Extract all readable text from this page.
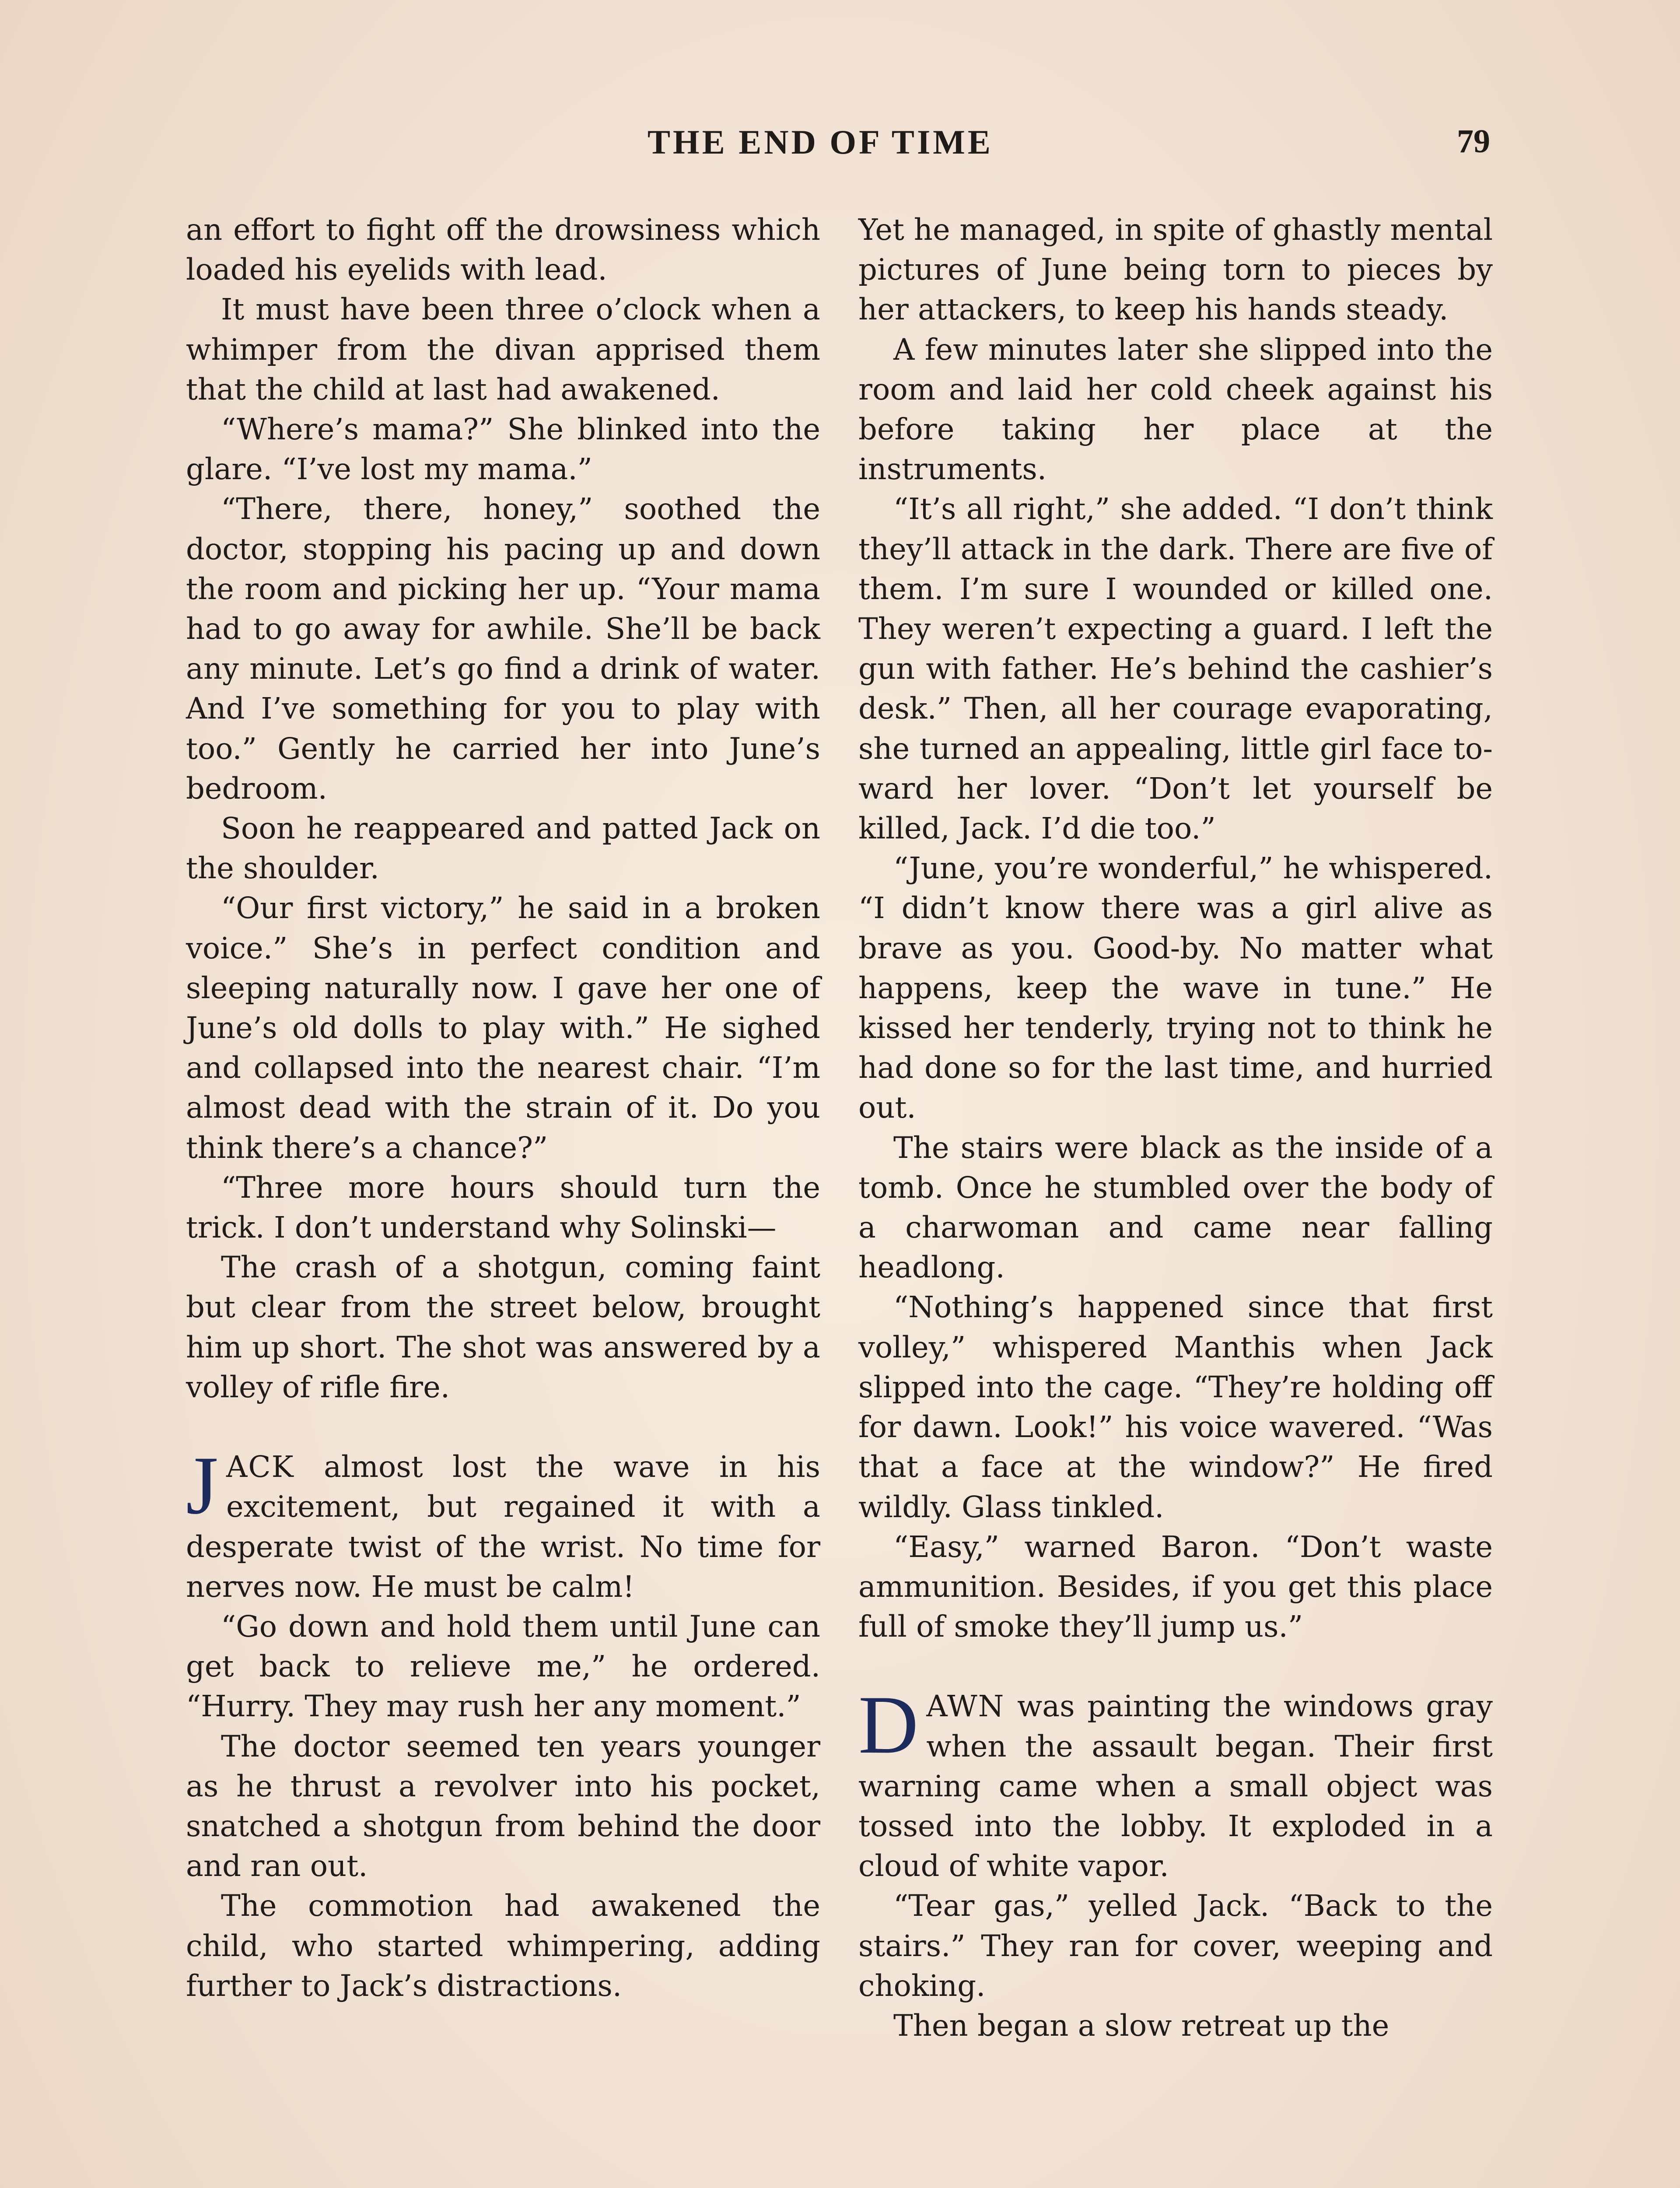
THE END OF TIME	79

an effort to fight off the drowsiness which loaded his eyelids with lead.

It must have been three o’clock when a whimper from the divan apprised them that the child at last had awakened.

“Where’s mama?” She blinked into the glare. “I’ve lost my mama.”

“There, there, honey,” soothed the doctor, stopping his pacing up and down the room and picking her up. “Your mama had to go away for awhile. She’ll be back any minute. Let’s go find a drink of water. And I’ve something for you to play with too.” Gently he carried her into June’s bedroom.

Soon he reappeared and patted Jack on the shoulder.

“Our first victory,” he said in a broken voice.” She’s in perfect condition and sleeping naturally now. I gave her one of June’s old dolls to play with.” He sighed and collapsed into the nearest chair. “I’m almost dead with the strain of it. Do you think there’s a chance?”

“Three more hours should turn the trick. I don’t understand why Solinski—

The crash of a shotgun, coming faint but clear from the street below, brought him up short. The shot was answered by a volley of rifle fire.

JACK almost lost the wave in his excitement, but regained it with a desperate twist of the wrist. No time for nerves now. He must be calm!

“Go down and hold them until June can get back to relieve me,” he ordered. “Hurry. They may rush her any moment.”

The doctor seemed ten years younger as he thrust a revolver into his pocket, snatched a shotgun from behind the door and ran out.

The commotion had awakened the child, who started whimpering, adding further to Jack’s distractions.

Yet he managed, in spite of ghastly mental pictures of June being torn to pieces by her attackers, to keep his hands steady.

A few minutes later she slipped into the room and laid her cold cheek against his before taking her place at the instruments.

“It’s all right,” she added. “I don’t think they’ll attack in the dark. There are five of them. I’m sure I wounded or killed one. They weren’t expecting a guard. I left the gun with father. He’s behind the cashier’s desk.” Then, all her courage evaporating, she turned an appealing, little girl face toward her lover. “Don’t let yourself be killed, Jack. I’d die too.”

“June, you’re wonderful,” he whispered. “I didn’t know there was a girl alive as brave as you. Good-by. No matter what happens, keep the wave in tune.” He kissed her tenderly, trying not to think he had done so for the last time, and hurried out.

The stairs were black as the inside of a tomb. Once he stumbled over the body of a charwoman and came near falling headlong.

“Nothing’s happened since that first volley,” whispered Manthis when Jack slipped into the cage. “They’re holding off for dawn. Look!” his voice wavered. “Was that a face at the window?” He fired wildly. Glass tinkled.

“Easy,” warned Baron. “Don’t waste ammunition. Besides, if you get this place full of smoke they’ll jump us.”

DAWN was painting the windows gray when the assault began. Their first warning came when a small object was tossed into the lobby. It exploded in a cloud of white vapor.

“Tear gas,” yelled Jack. “Back to the stairs.” They ran for cover, weeping and choking.

Then began a slow retreat up the
